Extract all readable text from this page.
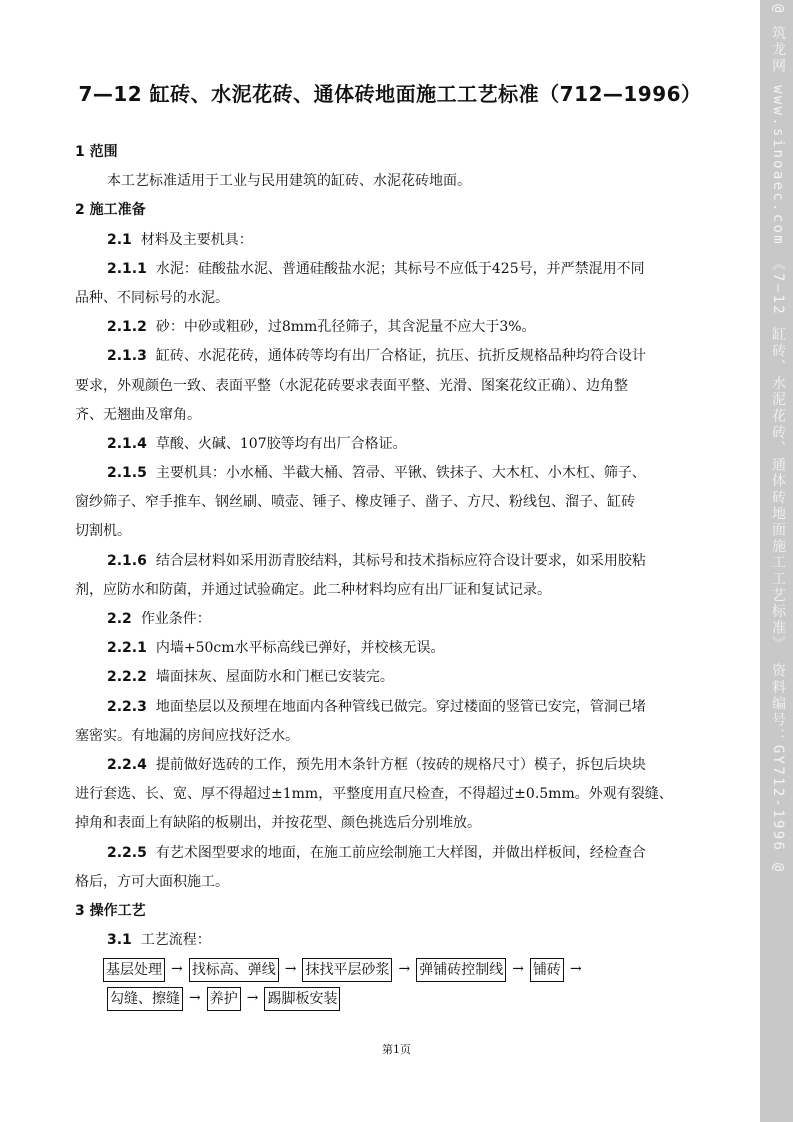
7—12 缸砖、水泥花砖、通体砖地面施工工艺标准（712—1996）
1 范围
本工艺标准适用于工业与民用建筑的缸砖、水泥花砖地面。
2 施工准备
2.1 材料及主要机具：
2.1.1 水泥：硅酸盐水泥、普通硅酸盐水泥；其标号不应低于425号，并严禁混用不同
品种、不同标号的水泥。
2.1.2 砂：中砂或粗砂，过8mm孔径筛子，其含泥量不应大于3%。
2.1.3 缸砖、水泥花砖，通体砖等均有出厂合格证，抗压、抗折反规格品种均符合设计
要求，外观颜色一致、表面平整（水泥花砖要求表面平整、光滑、图案花纹正确）、边角整
齐、无翘曲及窜角。
2.1.4 草酸、火碱、107胶等均有出厂合格证。
2.1.5 主要机具：小水桶、半截大桶、笤帚、平锹、铁抹子、大木杠、小木杠、筛子、
窗纱筛子、窄手推车、钢丝刷、喷壶、锤子、橡皮锤子、凿子、方尺、粉线包、溜子、缸砖
切割机。
2.1.6 结合层材料如采用沥青胶结料，其标号和技术指标应符合设计要求，如采用胶粘
剂，应防水和防菌，并通过试验确定。此二种材料均应有出厂证和复试记录。
2.2 作业条件：
2.2.1 内墙+50cm水平标高线已弹好，并校核无误。
2.2.2 墙面抹灰、屋面防水和门框已安装完。
2.2.3 地面垫层以及预埋在地面内各种管线已做完。穿过楼面的竖管已安完，管洞已堵
塞密实。有地漏的房间应找好泛水。
2.2.4 提前做好选砖的工作，预先用木条针方框（按砖的规格尺寸）模子，拆包后块块
进行套选、长、宽、厚不得超过±1mm，平整度用直尺检查，不得超过±0.5mm。外观有裂缝、
掉角和表面上有缺陷的板剔出，并按花型、颜色挑选后分别堆放。
2.2.5 有艺术图型要求的地面，在施工前应绘制施工大样图，并做出样板间，经检查合
格后，方可大面积施工。
3 操作工艺
3.1 工艺流程：
基层处理 → 找标高、弹线 → 抹找平层砂浆 → 弹铺砖控制线 → 铺砖 →
勾缝、擦缝 → 养护 → 踢脚板安装
第1页
@ 筑龙网 www.sinoaec.com 《7—12 缸砖、水泥花砖、通体砖地面施工工艺标准》 资料编号：GY712-1996 @
